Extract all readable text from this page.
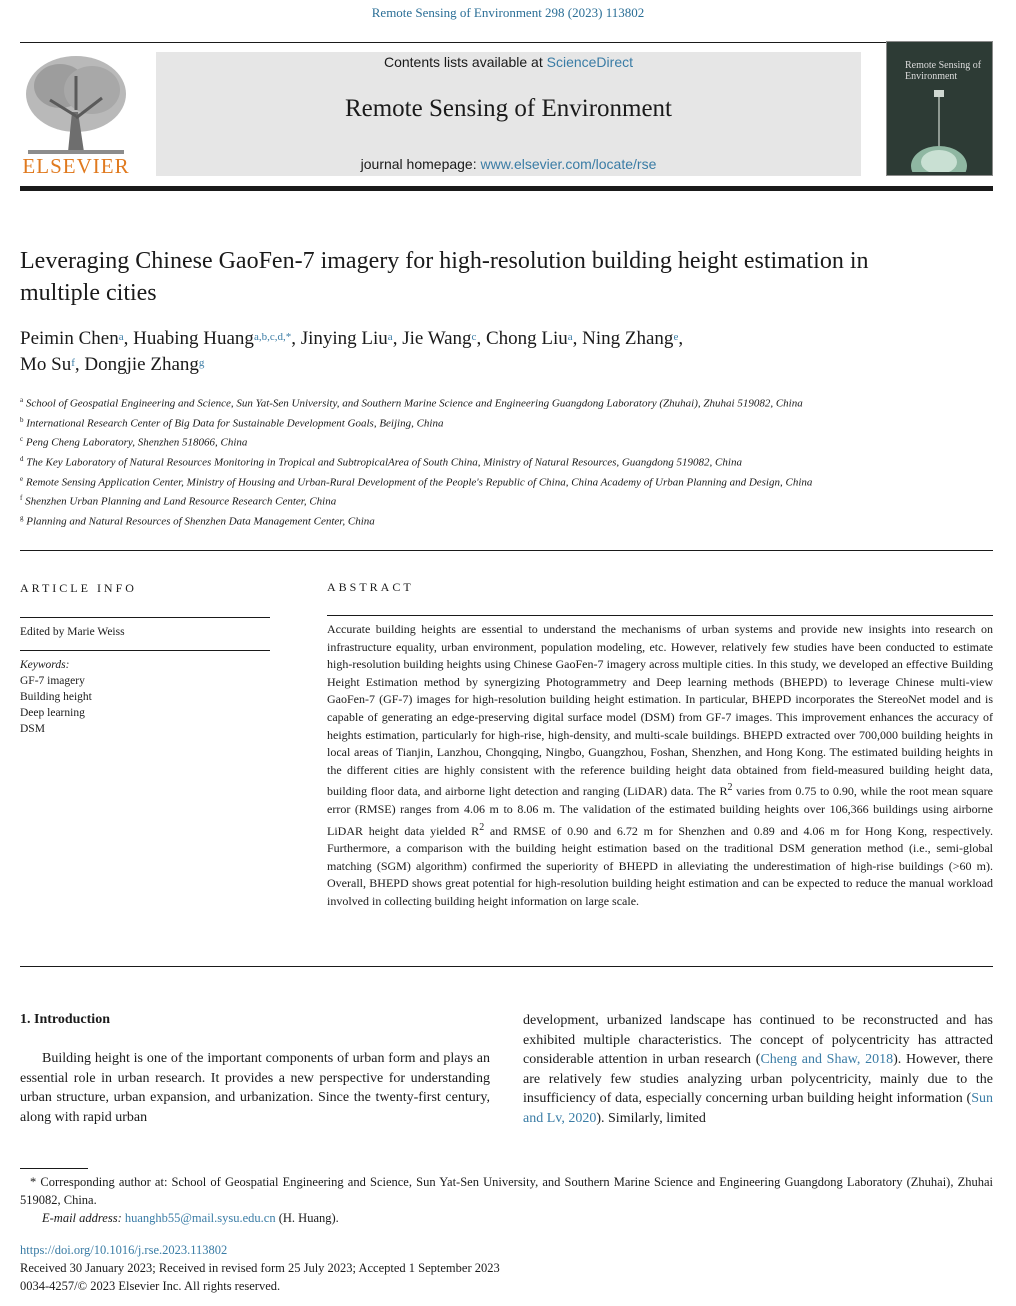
Remote Sensing of Environment 298 (2023) 113802
ELSEVIER
Contents lists available at ScienceDirect
Remote Sensing of Environment
journal homepage: www.elsevier.com/locate/rse
Remote Sensing of Environment
Leveraging Chinese GaoFen-7 imagery for high-resolution building height estimation in multiple cities
Peimin Chen$^a$, Huabing Huang$^{a,b,c,d,*}$, Jinying Liu$^a$, Jie Wang$^c$, Chong Liu$^a$, Ning Zhang$^e$,
Mo Su$^f$, Dongjie Zhang$^g$

$^a$ School of Geospatial Engineering and Science, Sun Yat-Sen University, and Southern Marine Science and Engineering Guangdong Laboratory (Zhuhai), Zhuhai 519082, China

$^b$ International Research Center of Big Data for Sustainable Development Goals, Beijing, China

$^c$ Peng Cheng Laboratory, Shenzhen 518066, China

$^d$ The Key Laboratory of Natural Resources Monitoring in Tropical and SubtropicalArea of South China, Ministry of Natural Resources, Guangdong 519082, China

$^e$ Remote Sensing Application Center, Ministry of Housing and Urban-Rural Development of the People's Republic of China, China Academy of Urban Planning and Design, China

$^f$ Shenzhen Urban Planning and Land Resource Research Center, China

$^g$ Planning and Natural Resources of Shenzhen Data Management Center, China

ARTICLE INFO
Edited by Marie Weiss
Keywords:
GF-7 imagery
Building height
Deep learning
DSM
ABSTRACT
Accurate building heights are essential to understand the mechanisms of urban systems and provide new insights into research on infrastructure equality, urban environment, population modeling, etc. However, relatively few studies have been conducted to estimate high-resolution building heights using Chinese GaoFen-7 imagery across multiple cities. In this study, we developed an effective Building Height Estimation method by synergizing Photogrammetry and Deep learning methods (BHEPD) to leverage Chinese multi-view GaoFen-7 (GF-7) images for high-resolution building height estimation. In particular, BHEPD incorporates the StereoNet model and is capable of generating an edge-preserving digital surface model (DSM) from GF-7 images. This improvement enhances the accuracy of heights estimation, particularly for high-rise, high-density, and multi-scale buildings. BHEPD extracted over 700,000 building heights in local areas of Tianjin, Lanzhou, Chongqing, Ningbo, Guangzhou, Foshan, Shenzhen, and Hong Kong. The estimated building heights in the different cities are highly consistent with the reference building height data obtained from field-measured building height data, building floor data, and airborne light detection and ranging (LiDAR) data. The $R^2$ varies from 0.75 to 0.90, while the root mean square error (RMSE) ranges from 4.06 m to 8.06 m. The validation of the estimated building heights over 106,366 buildings using airborne LiDAR height data yielded $R^2$ and RMSE of 0.90 and 6.72 m for Shenzhen and 0.89 and 4.06 m for Hong Kong, respectively. Furthermore, a comparison with the building height estimation based on the traditional DSM generation method (i.e., semi-global matching (SGM) algorithm) confirmed the superiority of BHEPD in alleviating the underestimation of high-rise buildings (>60 m). Overall, BHEPD shows great potential for high-resolution building height estimation and can be expected to reduce the manual workload involved in collecting building height information on large scale.
1. Introduction
Building height is one of the important components of urban form and plays an essential role in urban research. It provides a new perspective for understanding urban structure, urban expansion, and urbanization. Since the twenty-first century, along with rapid urban
development, urbanized landscape has continued to be reconstructed and has exhibited multiple characteristics. The concept of polycentricity has attracted considerable attention in urban research (Cheng and Shaw, 2018). However, there are relatively few studies analyzing urban polycentricity, mainly due to the insufficiency of data, especially concerning urban building height information (Sun and Lv, 2020). Similarly, limited
* Corresponding author at: School of Geospatial Engineering and Science, Sun Yat-Sen University, and Southern Marine Science and Engineering Guangdong Laboratory (Zhuhai), Zhuhai 519082, China.
E-mail address: huanghb55@mail.sysu.edu.cn (H. Huang).
https://doi.org/10.1016/j.rse.2023.113802
Received 30 January 2023; Received in revised form 25 July 2023; Accepted 1 September 2023
0034-4257/© 2023 Elsevier Inc. All rights reserved.
